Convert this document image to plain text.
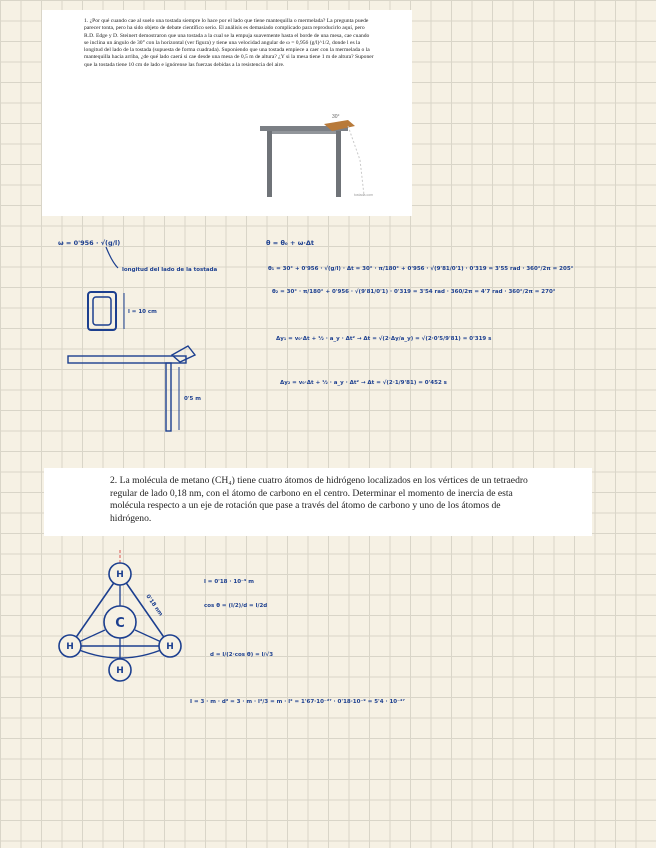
1. ¿Por qué cuando cae al suelo una tostada siempre lo hace por el lado que tiene mantequilla o mermelada? La pregunta puede parecer tonta, pero ha sido objeto de debate científico serio. El análisis es demasiado complicado para reproducirlo aquí, pero R.D. Edge y D. Steinert demostraron que una tostada a la cual se la empuja suavemente hasta el borde de una mesa, cae cuando se inclina un ángulo de 30° con la horizontal (ver figura) y tiene una velocidad angular de ω = 0,956 (g/l)^1/2, donde l es la longitud del lado de la tostada (supuesta de forma cuadrada). Suponiendo que una tostada empiece a caer con la mermelada o la mantequilla hacia arriba, ¿de qué lado caerá si cae desde una mesa de 0,5 m de altura? ¿Y si la mesa tiene 1 m de altura? Suponer que la tostada tiene 10 cm de lado e ignórense las fuerzas debidas a la resistencia del aire.

30°
tostada.com
ω = 0'956 · √(g/l)
longitud del lado de la tostada
l = 10 cm
0'5 m
θ = θ₀ + ω·Δt
θ₁ = 30° + 0'956 · √(g/l) · Δt = 30° · π/180° + 0'956 · √(9'81/0'1) · 0'319 = 3'55 rad · 360°/2π = 205°
θ₂ = 30° · π/180° + 0'956 · √(9'81/0'1) · 0'319 = 3'54 rad · 360/2π = 4'7 rad · 360°/2π = 270°
Δy₁ = v₀·Δt + ½ · a_y · Δt² → Δt = √(2·Δy/a_y) = √(2·0'5/9'81) = 0'319 s
Δy₂ = v₀·Δt + ½ · a_y · Δt² → Δt = √(2·1/9'81) = 0'452 s

2. La molécula de metano (CH₄) tiene cuatro átomos de hidrógeno localizados en los vértices de un tetraedro regular de lado 0,18 nm, con el átomo de carbono en el centro. Determinar el momento de inercia de esta molécula respecto a un eje de rotación que pase a través del átomo de carbono y uno de los átomos de hidrógeno.

C
H
H	H
H
0'18 nm
l = 0'18 · 10⁻⁹ m
cos θ = (l/2)/d = l/2d
d = l/(2·cos θ) = l/√3
I = 3 · m · d² = 3 · m · l²/3 = m · l² = 1'67·10⁻²⁷ · 0'18·10⁻⁹ = 5'4 · 10⁻⁴⁷
